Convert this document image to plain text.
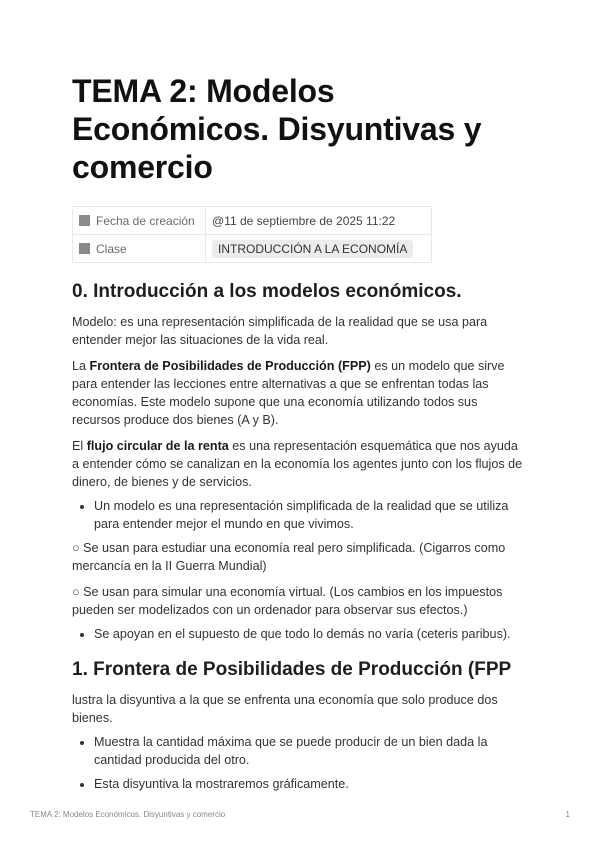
TEMA 2: Modelos Económicos. Disyuntivas y comercio
Fecha de creación	@11 de septiembre de 2025 11:22
Clase	INTRODUCCIÓN A LA ECONOMÍA
0. Introducción a los modelos económicos.

Modelo: es una representación simplificada de la realidad que se usa para entender mejor las situaciones de la vida real.

La Frontera de Posibilidades de Producción (FPP) es un modelo que sirve para entender las lecciones entre alternativas a que se enfrentan todas las economías. Este modelo supone que una economía utilizando todos sus recursos produce dos bienes (A y B).

El flujo circular de la renta es una representación esquemática que nos ayuda a entender cómo se canalizan en la economía los agentes junto con los flujos de dinero, de bienes y de servicios.

• Un modelo es una representación simplificada de la realidad que se utiliza para entender mejor el mundo en que vivimos.

○ Se usan para estudiar una economía real pero simplificada. (Cigarros como mercancía en la II Guerra Mundial)

○ Se usan para simular una economía virtual. (Los cambios en los impuestos pueden ser modelizados con un ordenador para observar sus efectos.)

• Se apoyan en el supuesto de que todo lo demás no varía (ceteris paribus).
1. Frontera de Posibilidades de Producción (FPP

lustra la disyuntiva a la que se enfrenta una economía que solo produce dos bienes.

• Muestra la cantidad máxima que se puede producir de un bien dada la cantidad producida del otro.
• Esta disyuntiva la mostraremos gráficamente.
TEMA 2: Modelos Económicos. Disyuntivas y comercio	1
